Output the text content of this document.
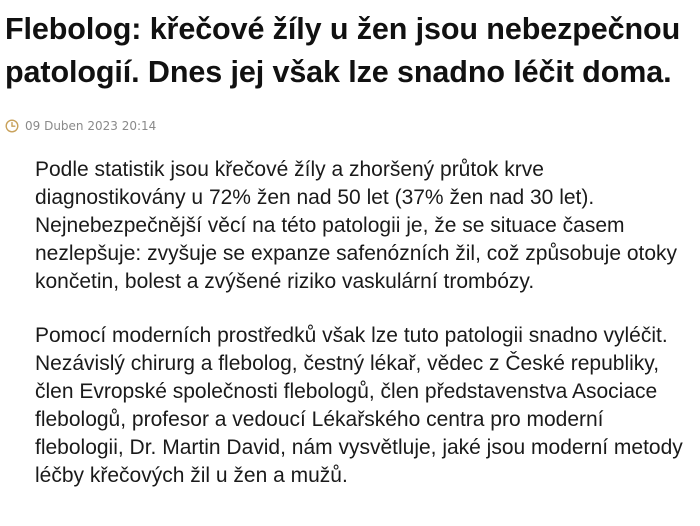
Flebolog: křečové žíly u žen jsou nebezpečnou patologií. Dnes jej však lze snadno léčit doma.
09 Duben 2023 20:14

Podle statistik jsou křečové žíly a zhoršený průtok krve diagnostikovány u 72% žen nad 50 let (37% žen nad 30 let). Nejnebezpečnější věcí na této patologii je, že se situace časem nezlepšuje: zvyšuje se expanze safenózních žil, což způsobuje otoky končetin, bolest a zvýšené riziko vaskulární trombózy.

Pomocí moderních prostředků však lze tuto patologii snadno vyléčit. Nezávislý chirurg a flebolog, čestný lékař, vědec z České republiky, člen Evropské společnosti flebologů, člen představenstva Asociace flebologů, profesor a vedoucí Lékařského centra pro moderní flebologii, Dr. Martin David, nám vysvětluje, jaké jsou moderní metody léčby křečových žil u žen a mužů.
